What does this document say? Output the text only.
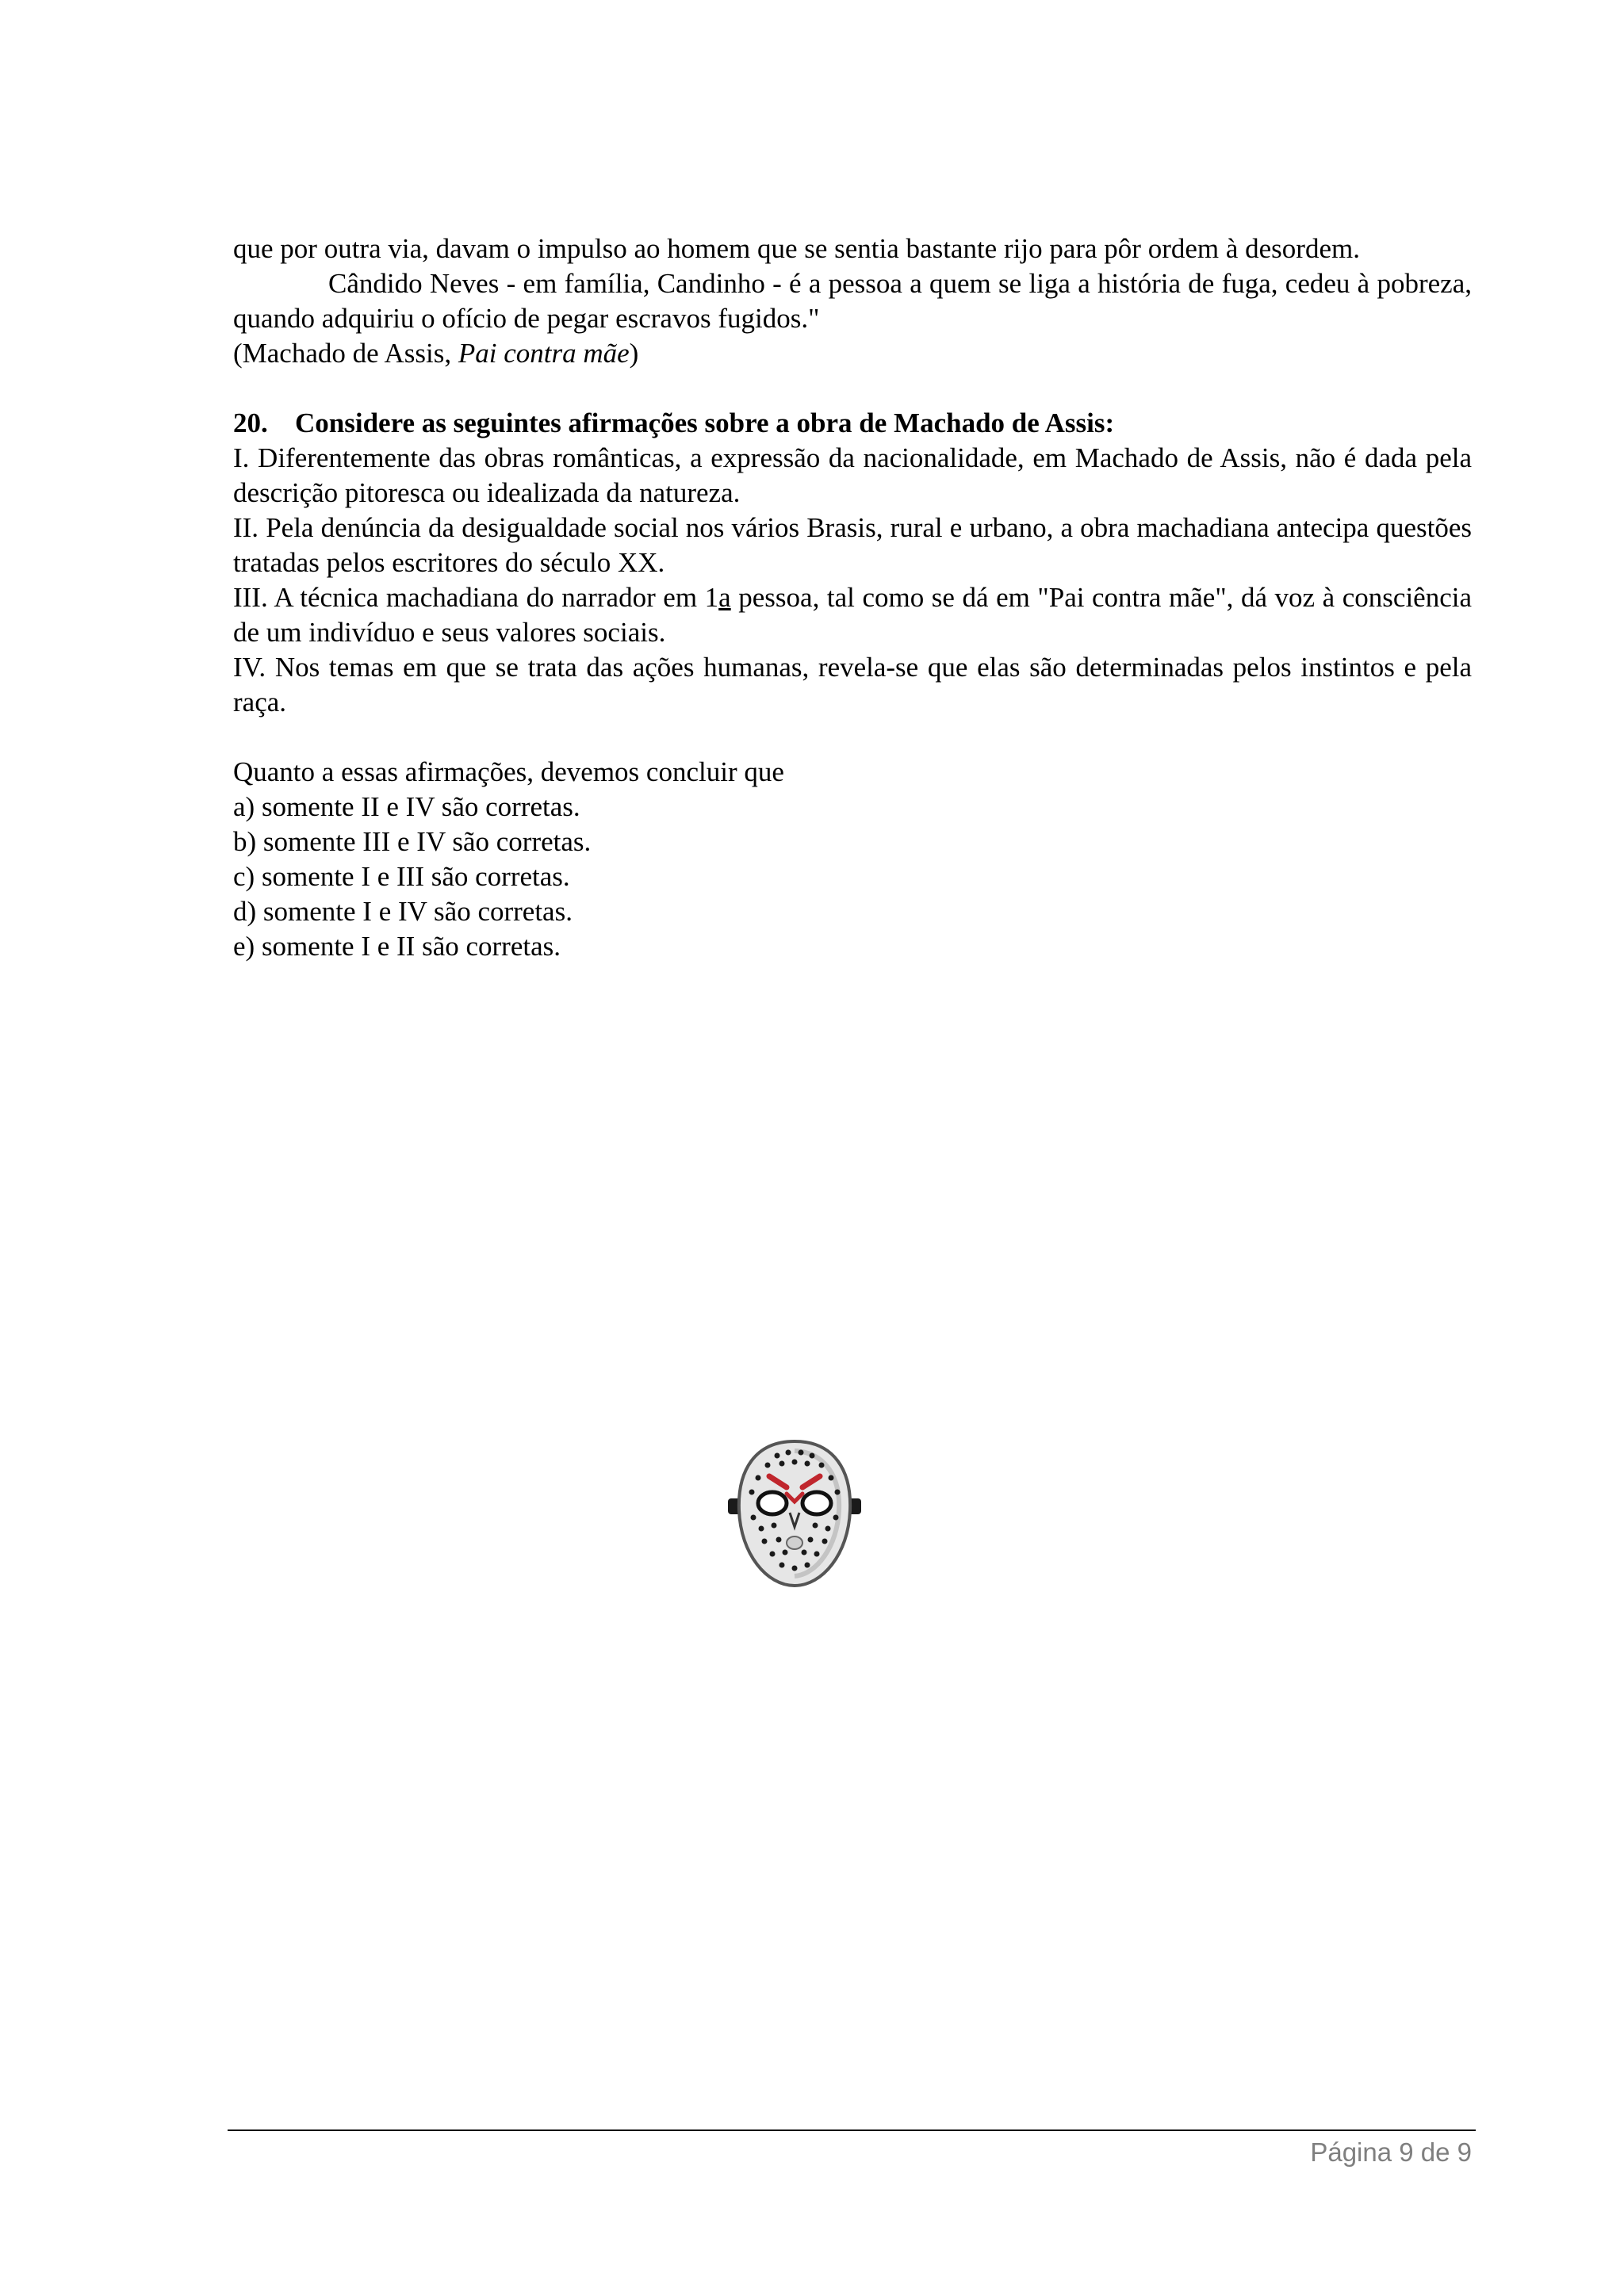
que por outra via, davam o impulso ao homem que se sentia bastante rijo para pôr ordem à desordem.

Cândido Neves - em família, Candinho - é a pessoa a quem se liga a história de fuga, cedeu à pobreza, quando adquiriu o ofício de pegar escravos fugidos."

(Machado de Assis, Pai contra mãe)

20. Considere as seguintes afirmações sobre a obra de Machado de Assis:

I. Diferentemente das obras românticas, a expressão da nacionalidade, em Machado de Assis, não é dada pela descrição pitoresca ou idealizada da natureza.

II. Pela denúncia da desigualdade social nos vários Brasis, rural e urbano, a obra machadiana antecipa questões tratadas pelos escritores do século XX.

III. A técnica machadiana do narrador em 1a pessoa, tal como se dá em "Pai contra mãe", dá voz à consciência de um indivíduo e seus valores sociais.

IV. Nos temas em que se trata das ações humanas, revela-se que elas são determinadas pelos instintos e pela raça.

Quanto a essas afirmações, devemos concluir que

a) somente II e IV são corretas.

b) somente III e IV são corretas.

c) somente I e III são corretas.

d) somente I e IV são corretas.

e) somente I e II são corretas.

Página 9 de 9
